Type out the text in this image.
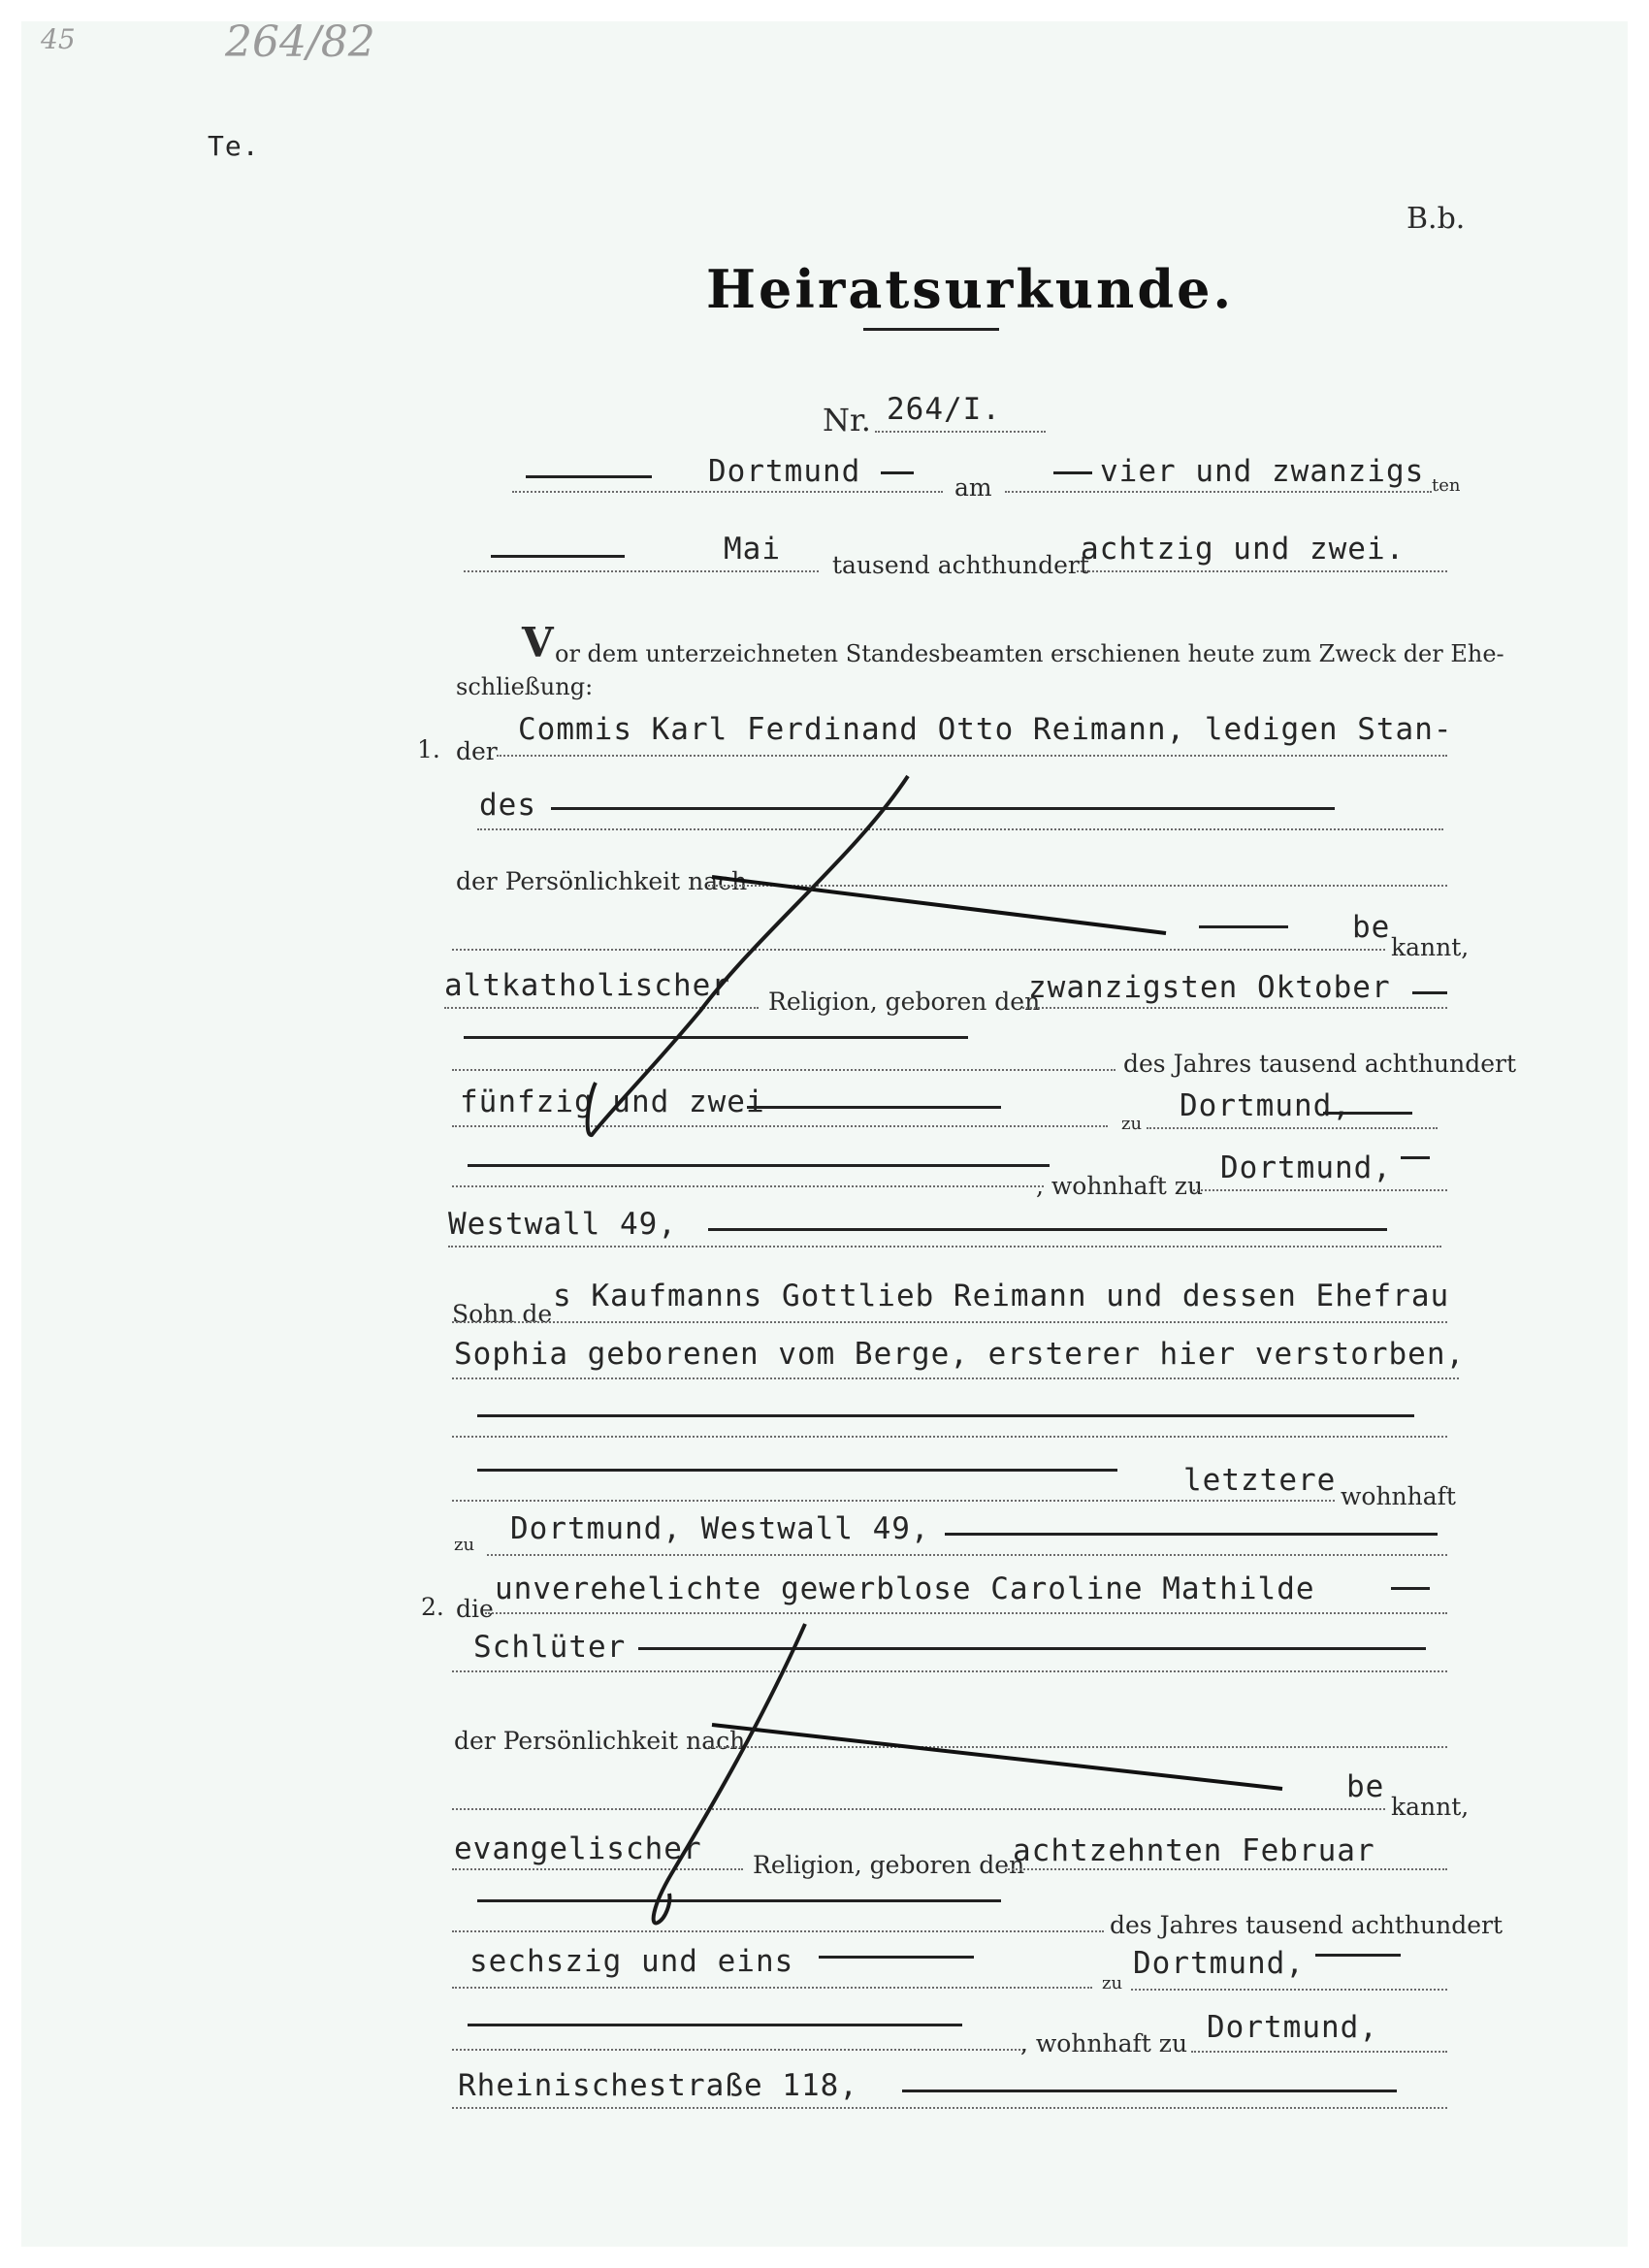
45	264/82
Te.
B.b.
Heiratsurkunde.
Nr. 264/I.
Dortmund	am	vier und zwanzigs ten
Mai tausend achthundert
achtzig und zwei.
V or dem unterzeichneten Standesbeamten erschienen heute zum Zweck der Ehe-
schließung:
1. der
Commis Karl Ferdinand Otto Reimann, ledigen Stan-
des
der Persönlichkeit nach
be
kannt,
altkatholischer Religion, geboren den
zwanzigsten Oktober
des Jahres tausend achthundert
fünfzig und zwei
zu
Dortmund,
, wohnhaft zu
Dortmund,
Westwall 49,
Sohn de
s Kaufmanns Gottlieb Reimann und dessen Ehefrau
Sophia geborenen vom Berge, ersterer hier verstorben,
letztere wohnhaft
zu Dortmund, Westwall 49,
2. die
unverehelichte gewerblose Caroline Mathilde
Schlüter
der Persönlichkeit nach
be
kannt,
evangelischer Religion, geboren den
achtzehnten Februar
des Jahres tausend achthundert
sechszig und eins
zu
Dortmund,
, wohnhaft zu Dortmund,
Rheinischestraße 118,
